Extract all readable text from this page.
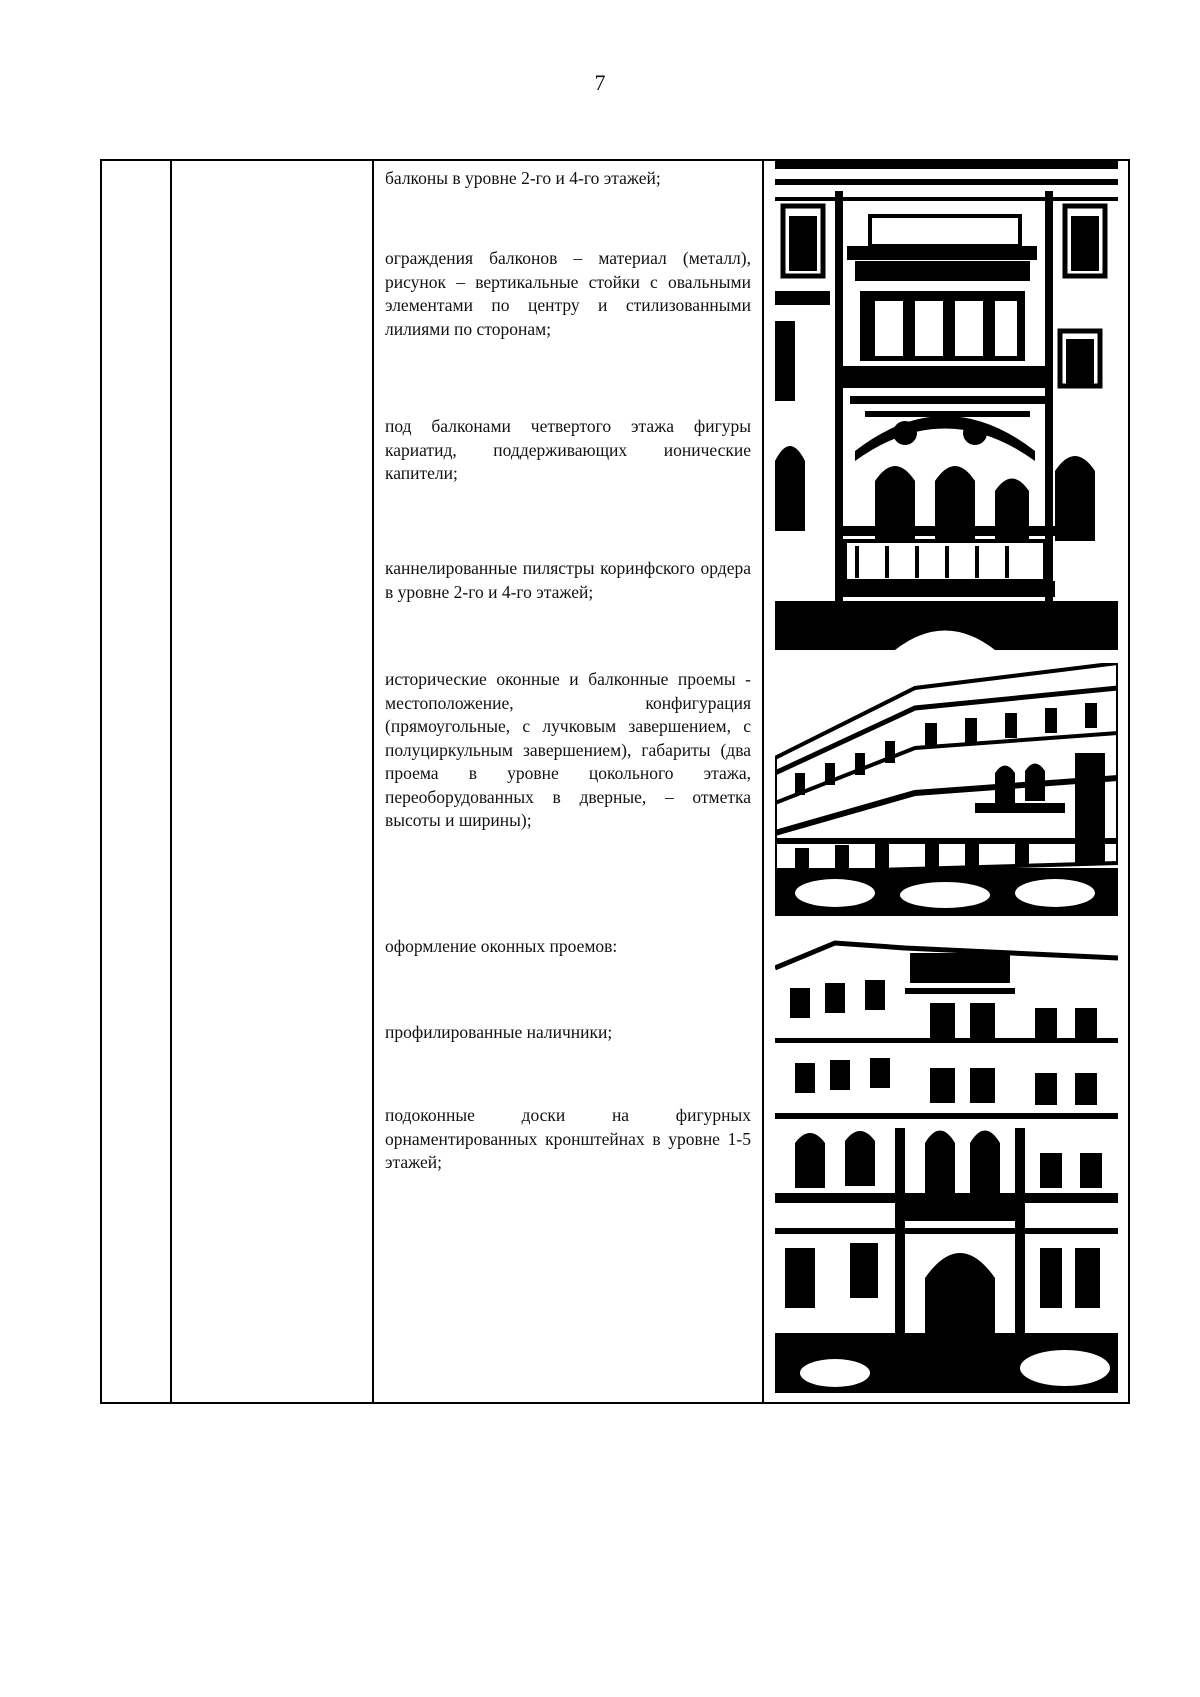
7

балконы в уровне 2-го и 4-го этажей;

ограждения балконов – материал (металл), рисунок – вертикальные стойки с овальными элементами по центру и стилизованными лилиями по сторонам;

под балконами четвертого этажа фигуры кариатид, поддерживающих ионические капители;

каннелированные пилястры коринфского ордера в уровне 2-го и 4-го этажей;

исторические оконные и балконные проемы - местоположение, конфигурация (прямоугольные, с лучковым завершением, с полуциркульным завершением), габариты (два проема в уровне цокольного этажа, переоборудованных в дверные, – отметка высоты и ширины);

оформление оконных проемов:

профилированные наличники;

подоконные доски на фигурных орнаментированных кронштейнах в уровне 1-5 этажей;
